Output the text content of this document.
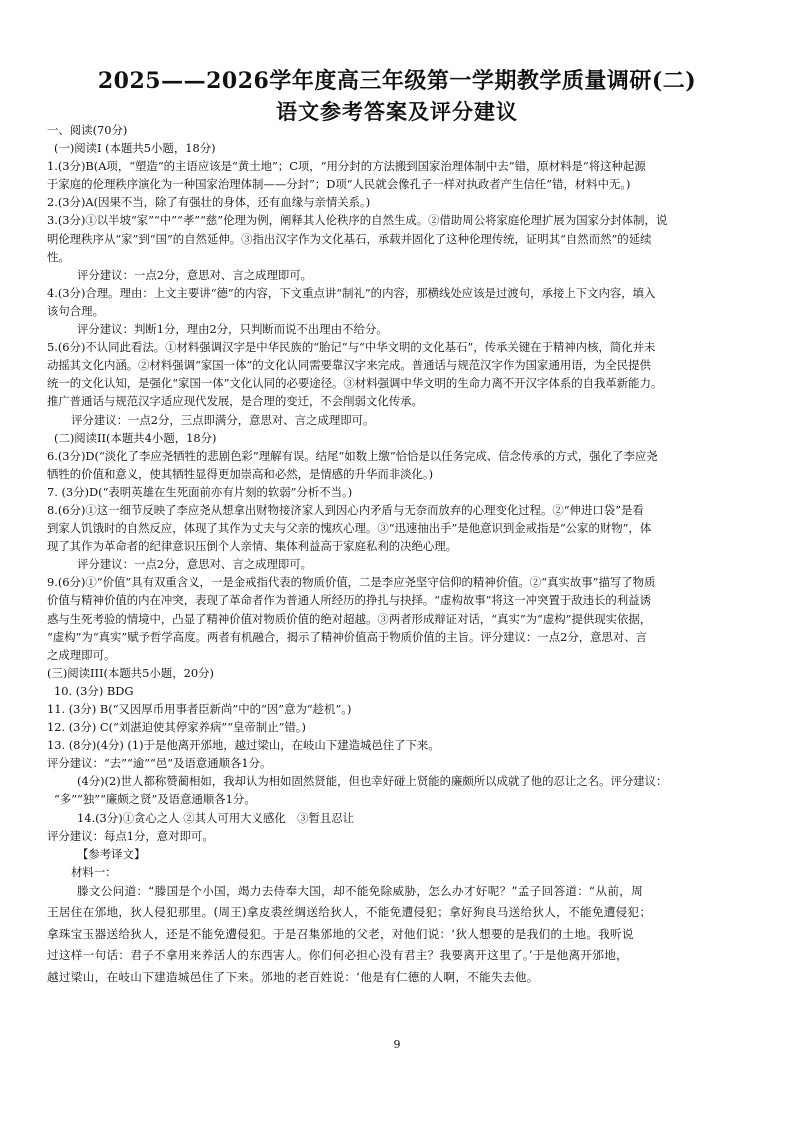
2025——2026学年度高三年级第一学期教学质量调研(二)
语文参考答案及评分建议

一、阅读(70分)

(一)阅读I (本题共5小题，18分)

1.(3分)B(A项，“塑造”的主语应该是“黄土地”；C项，“用分封的方法搬到国家治理体制中去”错，原材料是“将这种起源

于家庭的伦理秩序演化为一种国家治理体制——分封”；D项“人民就会像孔子一样对执政者产生信任”错，材料中无。)

2.(3分)A(因果不当，除了有强壮的身体，还有血缘与亲情关系。)

3.(3分)①以半坡“家”“中”“孝”“慈”伦理为例，阐释其人伦秩序的自然生成。②借助周公将家庭伦理扩展为国家分封体制，说

明伦理秩序从“家”到“国”的自然延伸。③指出汉字作为文化基石，承载并固化了这种伦理传统，证明其“自然而然”的延续

性。

评分建议：一点2分，意思对、言之成理即可。

4.(3分)合理。理由：上文主要讲“德”的内容，下文重点讲“制礼”的内容，那横线处应该是过渡句，承接上下文内容，填入

该句合理。

评分建议：判断1分，理由2分，只判断而说不出理由不给分。

5.(6分)不认同此看法。①材料强调汉字是中华民族的“胎记”与“中华文明的文化基石”，传承关键在于精神内核，简化并未

动摇其文化内涵。②材料强调“家国一体”的文化认同需要靠汉字来完成。普通话与规范汉字作为国家通用语，为全民提供

统一的文化认知，是强化“家国一体”文化认同的必要途径。③材料强调中华文明的生命力离不开汉字体系的自我革新能力。

推广普通话与规范汉字适应现代发展，是合理的变迁，不会削弱文化传承。

评分建议：一点2分，三点即满分，意思对、言之成理即可。

(二)阅读II(本题共4小题，18分)

6.(3分)D(“淡化了李应尧牺牲的悲剧色彩”理解有误。结尾“如数上缴”恰恰是以任务完成、信念传承的方式，强化了李应尧

牺牲的价值和意义，使其牺牲显得更加崇高和必然，是情感的升华而非淡化。)

7. (3分)D(“表明英雄在生死面前亦有片刻的软弱”分析不当。)

8.(6分)①这一细节反映了李应尧从想拿出财物接济家人到因心内矛盾与无奈而放弃的心理变化过程。②“伸进口袋”是看

到家人饥饿时的自然反应，体现了其作为丈夫与父亲的愧疚心理。③“迅速抽出手”是他意识到金戒指是“公家的财物”，体

现了其作为革命者的纪律意识压倒个人亲情、集体利益高于家庭私利的决绝心理。

评分建议：一点2分，意思对、言之成理即可。

9.(6分)①“价值”具有双重含义，一是金戒指代表的物质价值，二是李应尧坚守信仰的精神价值。②“真实故事”描写了物质

价值与精神价值的内在冲突，表现了革命者作为普通人所经历的挣扎与抉择。“虚构故事”将这一冲突置于敌违长的利益诱

惑与生死考验的情境中，凸显了精神价值对物质价值的绝对超越。③两者形成辩证对话，“真实”为“虚构”提供现实依据，

“虚构”为“真实”赋予哲学高度。两者有机融合，揭示了精神价值高于物质价值的主旨。评分建议：一点2分，意思对、言

之成理即可。

(三)阅读III(本题共5小题，20分)

10. (3分) BDG

11. (3分) B(“又因厚币用事者臣新尚”中的“因”意为“趁机”。)

12. (3分) C(“刘湛迫使其停家养病”“皇帝制止”错。)

13. (8分)(4分) (1)于是他离开邠地，越过梁山，在岐山下建造城邑住了下来。

评分建议：“去”“逾”“邑”及语意通顺各1分。

(4分)(2)世人都称赞蔺相如，我却认为相如固然贤能，但也幸好碰上贤能的廉颇所以成就了他的忍让之名。评分建议：

“多”“独”“廉颇之贤”及语意通顺各1分。

14.(3分)①贪心之人 ②其人可用大义感化　③暂且忍让

评分建议：每点1分，意对即可。

【参考译文】

材料一：

滕文公问道：“滕国是个小国，竭力去侍奉大国，却不能免除威胁，怎么办才好呢？”孟子回答道：“从前，周

王居住在邠地，狄人侵犯那里。(周王)拿皮裘丝绸送给狄人，不能免遭侵犯；拿好狗良马送给狄人，不能免遭侵犯；

拿珠宝玉器送给狄人，还是不能免遭侵犯。于是召集邠地的父老，对他们说：‘狄人想要的是我们的土地。我听说

过这样一句话：君子不拿用来养活人的东西害人。你们何必担心没有君主？我要离开这里了。’于是他离开邠地，

越过梁山，在岐山下建造城邑住了下来。邠地的老百姓说：‘他是有仁德的人啊，不能失去他。

9
